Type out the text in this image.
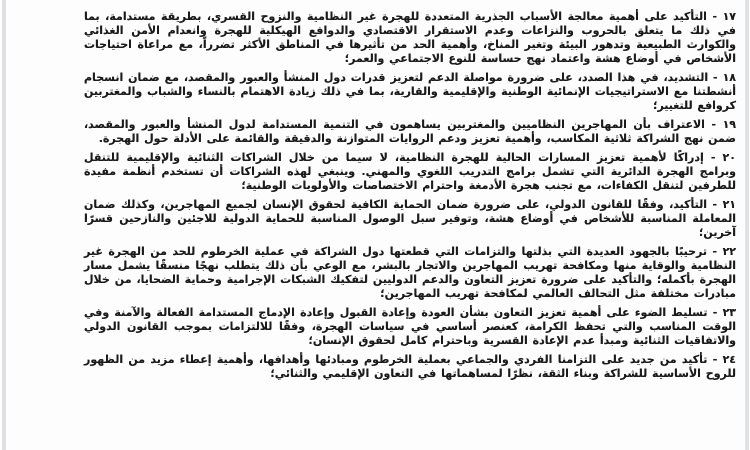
١٧ - التأكيد على أهمية معالجة الأسباب الجذرية المتعددة للهجرة غير النظامية والنزوح القسري، بطريقة مستدامة، بما في ذلك ما يتعلق بالحروب والنزاعات وعدم الاستقرار الاقتصادي والدوافع الهيكلية للهجرة وانعدام الأمن الغذائي والكوارث الطبيعية وتدهور البيئة وتغير المناخ، وأهمية الحد من تأثيرها في المناطق الأكثر تضرراً، مع مراعاة احتياجات الأشخاص في أوضاع هشة واعتماد نهج حساسة للنوع الاجتماعي والعمر؛

١٨ - التشديد، في هذا الصدد، على ضرورة مواصلة الدعم لتعزيز قدرات دول المنشأ والعبور والمقصد، مع ضمان انسجام أنشطتنا مع الاستراتيجيات الإنمائية الوطنية والإقليمية والقارية، بما في ذلك زيادة الاهتمام بالنساء والشباب والمغتربين كروافع للتغيير؛

١٩ - الاعتراف بأن المهاجرين النظاميين والمغتربين يساهمون في التنمية المستدامة لدول المنشأ والعبور والمقصد، ضمن نهج الشراكة ثلاثية المكاسب، وأهمية تعزيز ودعم الروايات المتوازنة والدقيقة والقائمة على الأدلة حول الهجرة.

٢٠ - إدراكًا لأهمية تعزيز المسارات الحالية للهجرة النظامية، لا سيما من خلال الشراكات الثنائية والإقليمية للتنقل وبرامج الهجرة الدائرية التي تشمل برامج التدريب اللغوي والمهني. وينبغي لهذه الشراكات أن تستخدم أنظمة مفيدة للطرفين لتنقل الكفاءات، مع تجنب هجرة الأدمغة واحترام الاختصاصات والأولويات الوطنية؛

٢١ - التأكيد، وفقًا للقانون الدولي، على ضرورة ضمان الحماية الكافية لحقوق الإنسان لجميع المهاجرين، وكذلك ضمان المعاملة المناسبة للأشخاص في أوضاع هشة، وتوفير سبل الوصول المناسبة للحماية الدولية للاجئين والنازحين قسرًا آخرين؛

٢٢ - ترحيبًا بالجهود العديدة التي بذلتها والتزامات التي قطعتها دول الشراكة في عملية الخرطوم للحد من الهجرة غير النظامية والوقاية منها ومكافحة تهريب المهاجرين والاتجار بالبشر، مع الوعي بأن ذلك يتطلب نهجًا منسقًا يشمل مسار الهجرة بأكمله؛ والتأكيد على ضرورة تعزيز التعاون والدعم الدوليين لتفكيك الشبكات الإجرامية وحماية الضحايا، من خلال مبادرات مختلفة مثل التحالف العالمي لمكافحة تهريب المهاجرين؛

٢٣ - تسليط الضوء على أهمية تعزيز التعاون بشأن العودة وإعادة القبول وإعادة الإدماج المستدامة الفعالة والآمنة وفي الوقت المناسب والتي تحفظ الكرامة، كعنصر أساسي في سياسات الهجرة، وفقًا للالتزامات بموجب القانون الدولي والاتفاقيات الثنائية ومبدأ عدم الإعادة القسرية وباحترام كامل لحقوق الإنسان؛

٢٤ - تأكيد من جديد على التزامنا الفردي والجماعي بعملية الخرطوم ومبادئها وأهدافها، وأهمية إعطاء مزيد من الظهور للروح الأساسية للشراكة وبناء الثقة، نظرًا لمساهماتها في التعاون الإقليمي والثنائي؛
